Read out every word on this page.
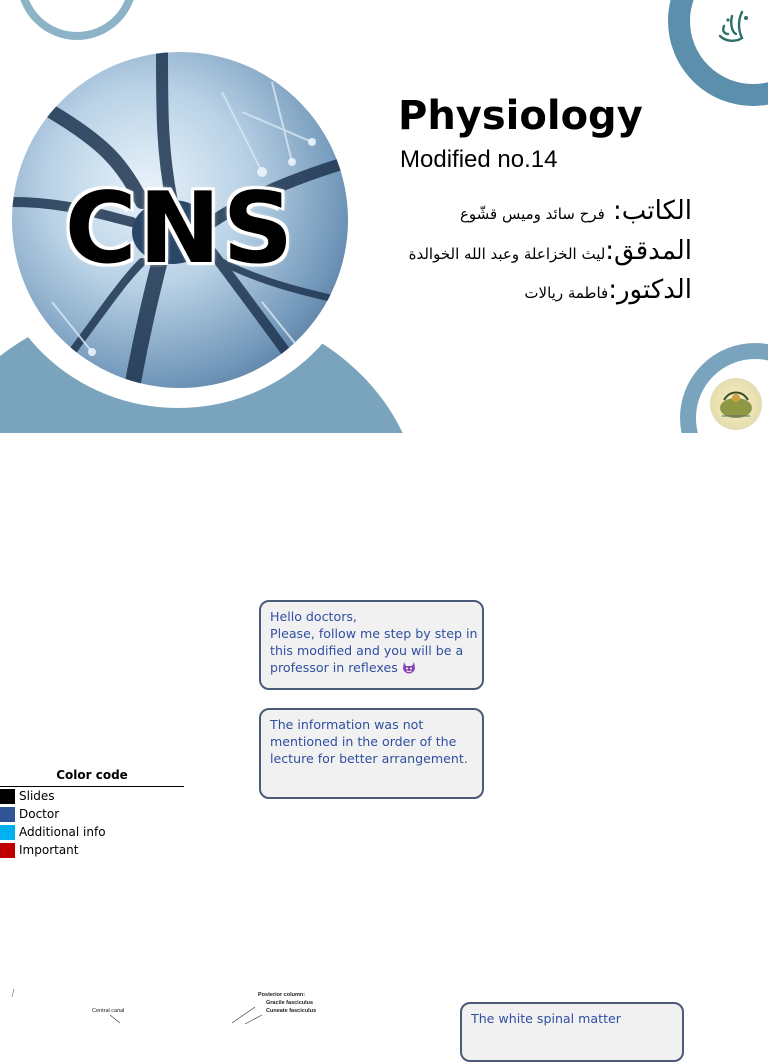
CNS
Physiology
Modified no.14
الكاتب: فرح سائد وميس قشّوع
المدقق:ليث الخزاعلة وعبد الله الخوالدة
الدكتور:فاطمة ريالات
Hello doctors,
Please, follow me step by step in
this modified and you will be a
professor in reflexes
The information was not
mentioned in the order of the
lecture for better arrangement.
The white spinal matter
Color code
Slides
Doctor
Additional info
Important
Posterior column:
Gracile fasciculus
Cuneate fasciculus
Central canal
